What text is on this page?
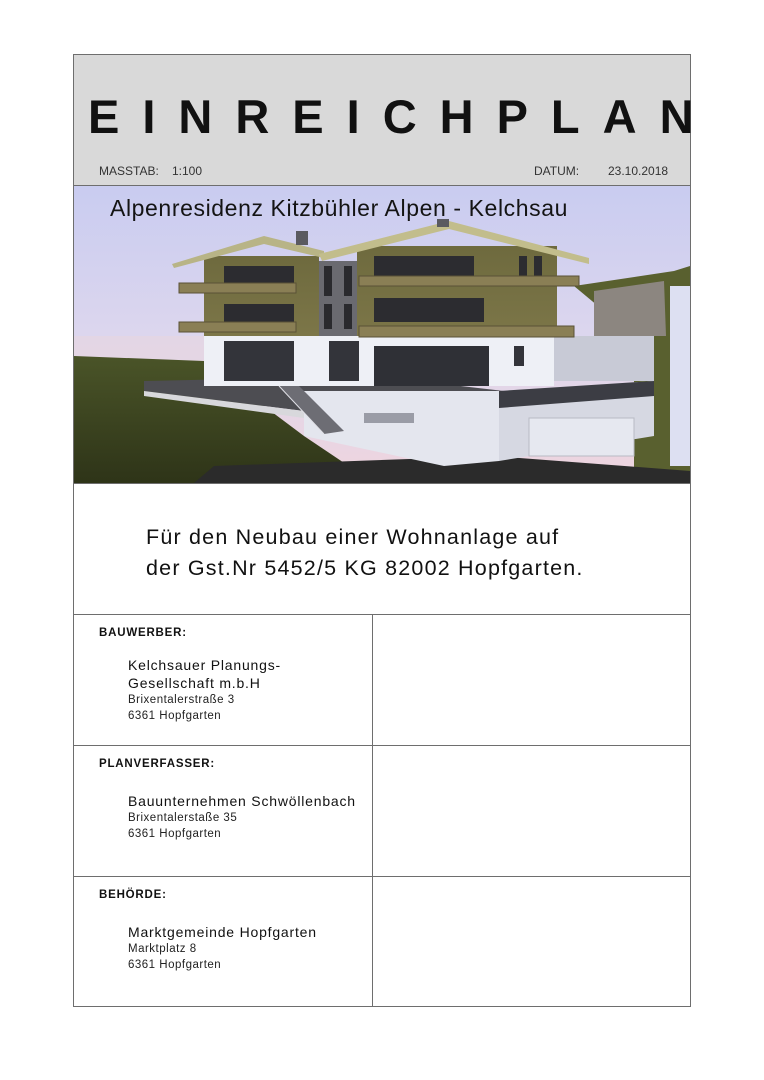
EINREICHPLAN
MASSTAB: 1:100	DATUM: 23.10.2018
Alpenresidenz Kitzbühler Alpen - Kelchsau
Für den Neubau einer Wohnanlage auf
der Gst.Nr 5452/5 KG 82002 Hopfgarten.
BAUWERBER:
Kelchsauer Planungs-
Gesellschaft m.b.H
Brixentalerstraße 3
6361 Hopfgarten
PLANVERFASSER:
Bauunternehmen Schwöllenbach
Brixentalerstaße 35
6361 Hopfgarten
BEHÖRDE:
Marktgemeinde Hopfgarten
Marktplatz 8
6361 Hopfgarten
